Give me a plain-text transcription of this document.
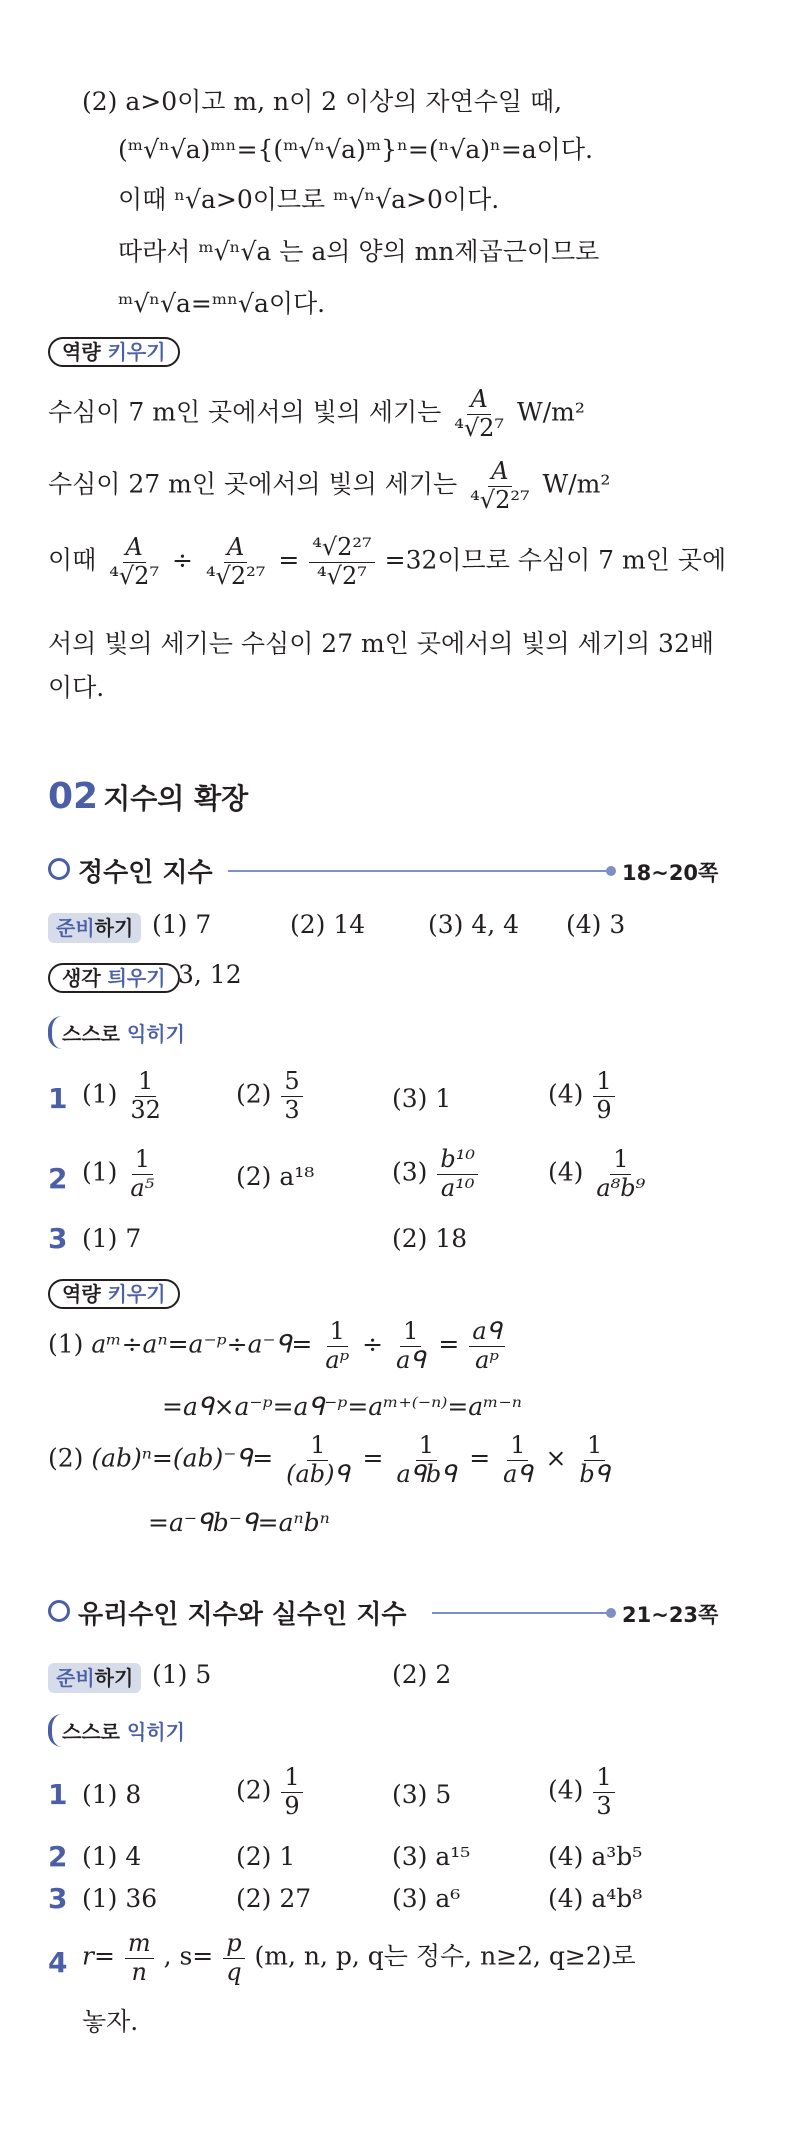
(2) a>0이고 m, n이 2 이상의 자연수일 때,
(ᵐ√ⁿ√a)ᵐⁿ={(ᵐ√ⁿ√a)ᵐ}ⁿ=(ⁿ√a)ⁿ=a이다.
이때 ⁿ√a>0이므로 ᵐ√ⁿ√a>0이다.
따라서 ᵐ√ⁿ√a 는 a의 양의 mn제곱근이므로
ᵐ√ⁿ√a=ᵐⁿ√a이다.
역량 키우기
수심이 7 m인 곳에서의 빛의 세기는 $\frac{A}{\text{⁴√2⁷}} W/m^2$
수심이 27 m인 곳에서의 빛의 세기는 $\frac{A}{\text{⁴√2²⁷}} W/m^2$
이때 $\frac{A}{\text{⁴√2⁷}} \div \frac{A}{\text{⁴√2²⁷}} = \frac{\text{⁴√2²⁷}}{\text{⁴√2⁷}} =32$이므로 수심이 7 m인 곳에
서의 빛의 세기는 수심이 27 m인 곳에서의 빛의 세기의 32배
이다.
02 지수의 확장
정수인 지수	18~20쪽
준비하기 (1) 7	(2) 14	(3) 4, 4 (4) 3
생각 틔우기 3, 12
스스로 익히기
1 $(1) \frac{1}{32}$	$(2) \frac{5}{3}$	(3) 1	$(4) \frac{1}{9}$
2 $(1) \frac{1}{\text{a⁵}}$	(2) a¹⁸	$(3) \frac{\text{b¹⁰}}{\text{a¹⁰}}$	$(4) \frac{1}{\text{a⁸b⁹}}$
3 (1) 7	(2) 18
역량 키우기
(1) aᵐ÷aⁿ=a⁻ᵖ÷a⁻ᑫ= $\frac{1}{\text{aᵖ}} \div \frac{1}{\text{aᑫ}} = \frac{\text{aᑫ}}{\text{aᵖ}}$
=aᑫ×a⁻ᵖ=aᑫ⁻ᵖ=aᵐ⁺⁽⁻ⁿ⁾=aᵐ⁻ⁿ
(2) (ab)ⁿ=(ab)⁻ᑫ= $\frac{1}{\text{(ab)ᑫ}} = \frac{1}{\text{aᑫbᑫ}} = \frac{1}{\text{aᑫ}} \times \frac{1}{\text{bᑫ}}$
=a⁻ᑫb⁻ᑫ=aⁿbⁿ
유리수인 지수와 실수인 지수	21~23쪽
준비하기 (1) 5	(2) 2
스스로 익히기
1 (1) 8	$(2) \frac{1}{9}$	(3) 5	$(4) \frac{1}{3}$
2 (1) 4	(2) 1	(3) a¹⁵	(4) a³b⁵
3 (1) 36	(2) 27	(3) a⁶	(4) a⁴b⁸
4 $r= \frac{m}{n}$ , $s= \frac{p}{q} (m$, n, p, q는 정수, n≥2, q≥2)로
놓자.
